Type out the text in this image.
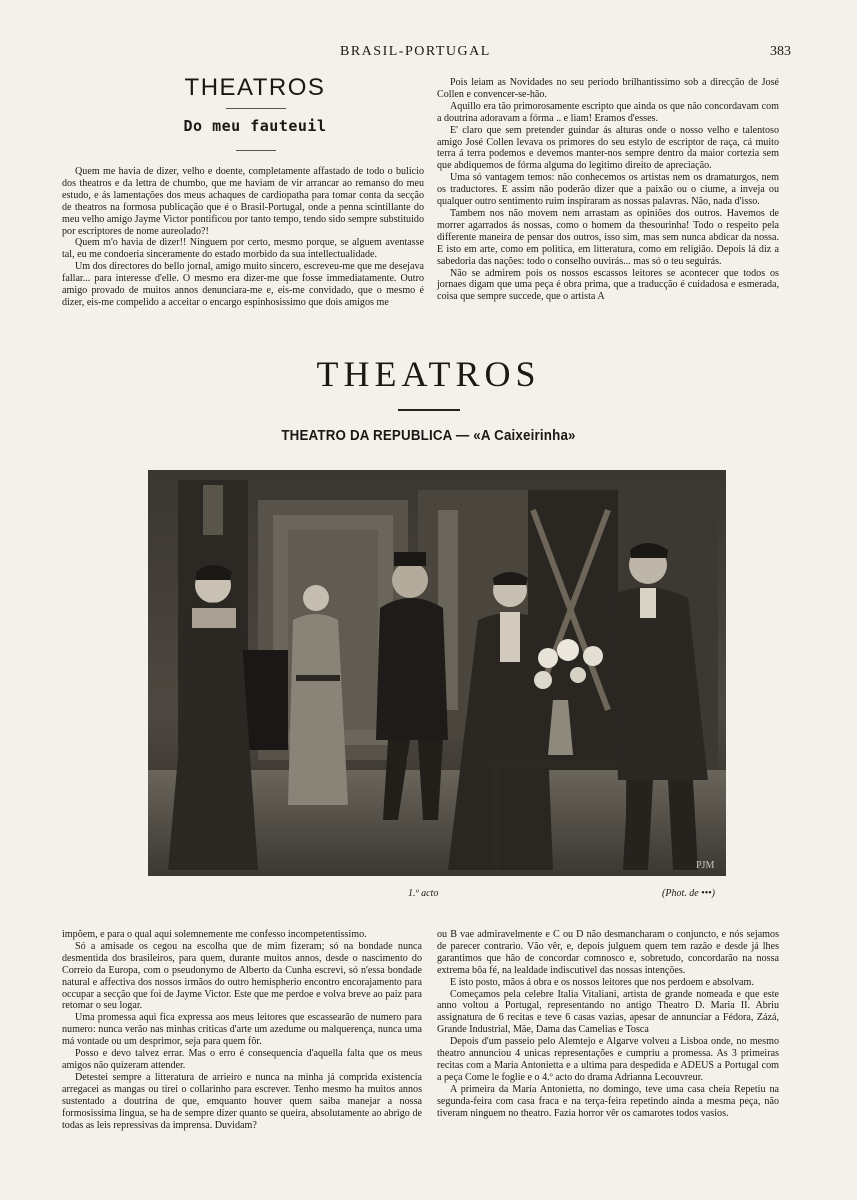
BRASIL-PORTUGAL	383
THEATROS
Do meu fauteuil

Quem me havia de dizer, velho e doente, completamente affastado de todo o bulicio dos theatros e da lettra de chumbo, que me haviam de vir arrancar ao remanso do meu estudo, e ás lamentações dos meus achaques de cardiopatha para tomar conta da secção de theatros na formosa publicação que é o Brasil-Portugal, onde a penna scintillante do meu velho amigo Jayme Victor pontificou por tanto tempo, tendo sido sempre substituido por escriptores de nome aureolado?!

Quem m'o havia de dizer!! Ninguem por certo, mesmo porque, se alguem aventasse tal, eu me condoeria sinceramente do estado morbido da sua intellectualidade.

Um dos directores do bello jornal, amigo muito sincero, escreveu-me que me desejava fallar... para interesse d'elle. O mesmo era dizer-me que fosse immediatamente. Outro amigo provado de muitos annos denunciara-me e, eis-me convidado, que o mesmo é dizer, eis-me compelido a acceitar o encargo espinhosissimo que dois amigos me

Pois leiam as Novidades no seu periodo brilhantissimo sob a direcção de José Collen e convencer-se-hão.

Aquillo era tão primorosamente escripto que ainda os que não concordavam com a doutrina adoravam a fórma .. e liam! Eramos d'esses.

E' claro que sem pretender guindar ás alturas onde o nosso velho e talentoso amigo José Collen levava os primores do seu estylo de escriptor de raça, cá muito terra á terra podemos e devemos manter-nos sempre dentro da maior cortezia sem que abdiquemos de fórma alguma do legitimo direito de apreciação.

Uma só vantagem temos: não conhecemos os artistas nem os dramaturgos, nem os traductores. E assim não poderão dizer que a paixão ou o ciume, a inveja ou qualquer outro sentimento ruim inspiraram as nossas palavras. Não, nada d'isso.

Tambem nos não movem nem arrastam as opiniões dos outros. Havemos de morrer agarrados ás nossas, como o homem da thesourinha! Todo o respeito pela differente maneira de pensar dos outros, isso sim, mas sem nunca abdicar da nossa. E isto em arte, como em politica, em litteratura, como em religião. Depois lá diz a sabedoria das nações: todo o conselho ouvirás... mas só o teu seguirás.

Não se admirem pois os nossos escassos leitores se acontecer que todos os jornaes digam que uma peça é obra prima, que a traducção é cuidadosa e esmerada, coisa que sempre succede, que o artista A

THEATROS
THEATRO DA REPUBLICA — «A Caixeirinha»
PJM
1.º acto	(Phot. de •••)

impõem, e para o qual aqui solemnemente me confesso incompetentissimo.

Só a amisade os cegou na escolha que de mim fizeram; só na bondade nunca desmentida dos brasileiros, para quem, durante muitos annos, desde o nascimento do Correio da Europa, com o pseudonymo de Alberto da Cunha escrevi, só n'essa bondade natural e affectiva dos nossos irmãos do outro hemispherio encontro encorajamento para occupar a secção que foi de Jayme Victor. Este que me perdoe e volva breve ao paiz para retomar o seu logar.

Uma promessa aqui fica expressa aos meus leitores que escassearão de numero para numero: nunca verão nas minhas criticas d'arte um azedume ou malquerença, nunca uma má vontade ou um desprimor, seja para quem fôr.

Posso e devo talvez errar. Mas o erro é consequencia d'aquella falta que os meus amigos não quizeram attender.

Detestei sempre a litteratura de arrieiro e nunca na minha já comprida existencia arregacei as mangas ou tirei o collarinho para escrever. Tenho mesmo ha muitos annos sustentado a doutrina de que, emquanto houver quem saiba manejar a nossa formosissima lingua, se ha de sempre dizer quanto se queira, absolutamente ao abrigo de todas as leis repressivas da imprensa. Duvidam?

ou B vae admiravelmente e C ou D não desmancharam o conjuncto, e nós sejamos de parecer contrario. Vão vêr, e, depois julguem quem tem razão e desde já lhes garantimos que hão de concordar comnosco e, sobretudo, concordarão na nossa extrema bôa fé, na lealdade indiscutivel das nossas intenções.

E isto posto, mãos á obra e os nossos leitores que nos perdoem e absolvam.

Começamos pela celebre Italia Vitaliani, artista de grande nomeada e que este anno voltou a Portugal, representando no antigo Theatro D. Maria II. Abriu assignatura de 6 recitas e teve 6 casas vazias, apesar de annunciar a Fédora, Zázá, Grande Industrial, Mãe, Dama das Camelias e Tosca

Depois d'um passeio pelo Alemtejo e Algarve volveu a Lisboa onde, no mesmo theatro annunciou 4 unicas representações e cumpriu a promessa. As 3 primeiras recitas com a Maria Antonietta e a ultima para despedida e ADEUS a Portugal com a peça Come le foglie e o 4.º acto do drama Adrianna Lecouvreur.

A primeira da Maria Antonietta, no domingo, teve uma casa cheia Repetiu na segunda-feira com casa fraca e na terça-feira repetindo ainda a mesma peça, não tiveram ninguem no theatro. Fazia horror vêr os camarotes todos vasios.
